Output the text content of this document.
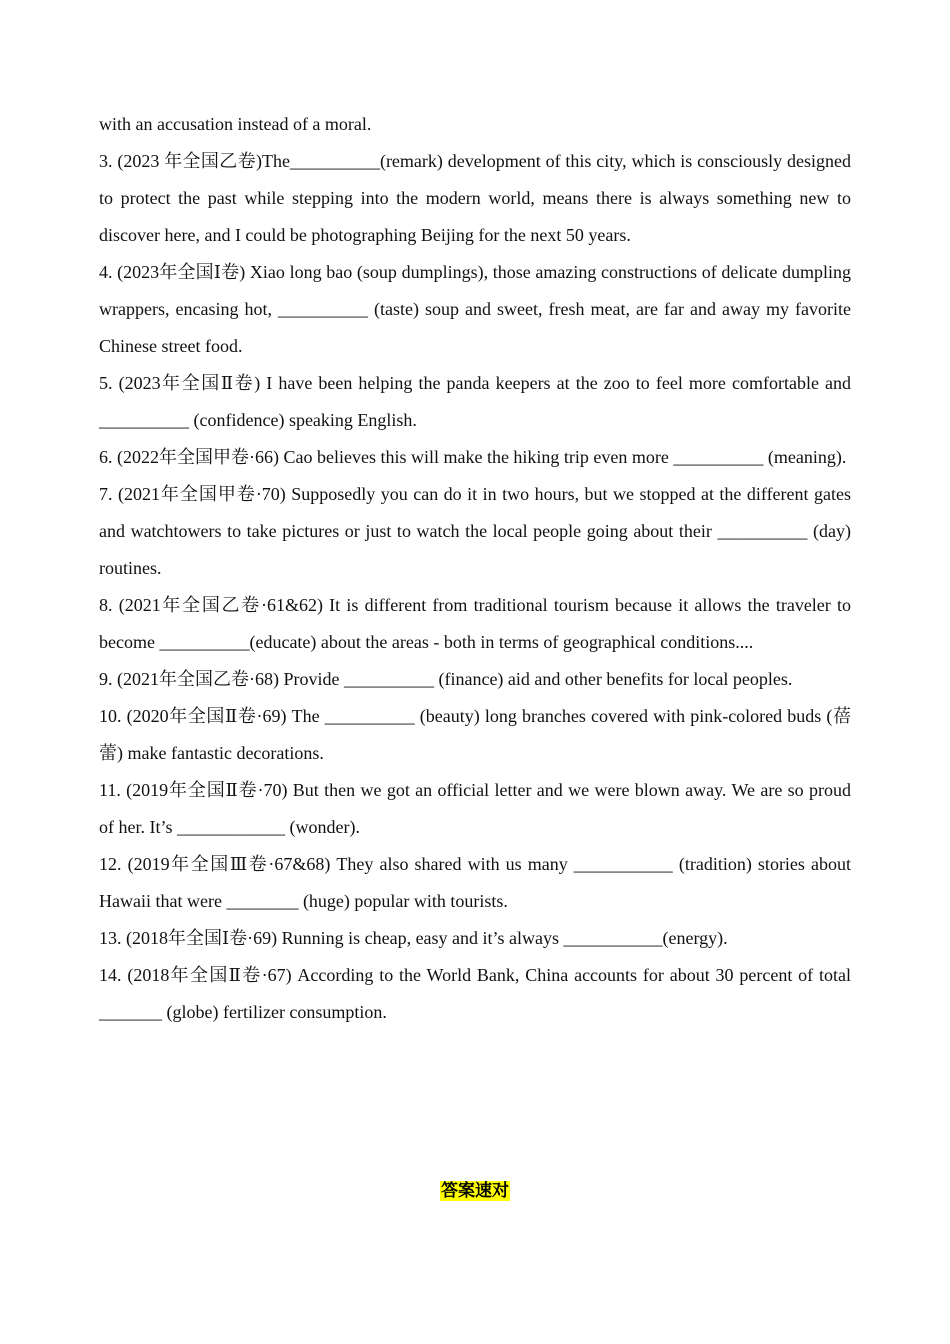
with an accusation instead of a moral.

3. (2023 年全国乙卷)The__________(remark) development of this city, which is consciously designed to protect the past while stepping into the modern world, means there is always something new to discover here, and I could be photographing Beijing for the next 50 years.

4. (2023年全国Ⅰ卷) Xiao long bao (soup dumplings), those amazing constructions of delicate dumpling wrappers, encasing hot, __________ (taste) soup and sweet, fresh meat, are far and away my favorite Chinese street food.

5. (2023年全国Ⅱ卷) I have been helping the panda keepers at the zoo to feel more comfortable and __________ (confidence) speaking English.

6. (2022年全国甲卷·66) Cao believes this will make the hiking trip even more __________ (meaning).

7. (2021年全国甲卷·70) Supposedly you can do it in two hours, but we stopped at the different gates and watchtowers to take pictures or just to watch the local people going about their __________ (day) routines.

8. (2021年全国乙卷·61&62) It is different from traditional tourism because it allows the traveler to become __________(educate) about the areas - both in terms of geographical conditions....

9. (2021年全国乙卷·68) Provide __________ (finance) aid and other benefits for local peoples.

10. (2020年全国Ⅱ卷·69) The __________ (beauty) long branches covered with pink-colored buds (蓓蕾) make fantastic decorations.

11. (2019年全国Ⅱ卷·70) But then we got an official letter and we were blown away. We are so proud of her. It’s ____________ (wonder).

12. (2019年全国Ⅲ卷·67&68) They also shared with us many ___________ (tradition) stories about Hawaii that were ________ (huge) popular with tourists.

13. (2018年全国Ⅰ卷·69) Running is cheap, easy and it’s always ___________(energy).

14. (2018年全国Ⅱ卷·67) According to the World Bank, China accounts for about 30 percent of total _______ (globe) fertilizer consumption.

答案速对
